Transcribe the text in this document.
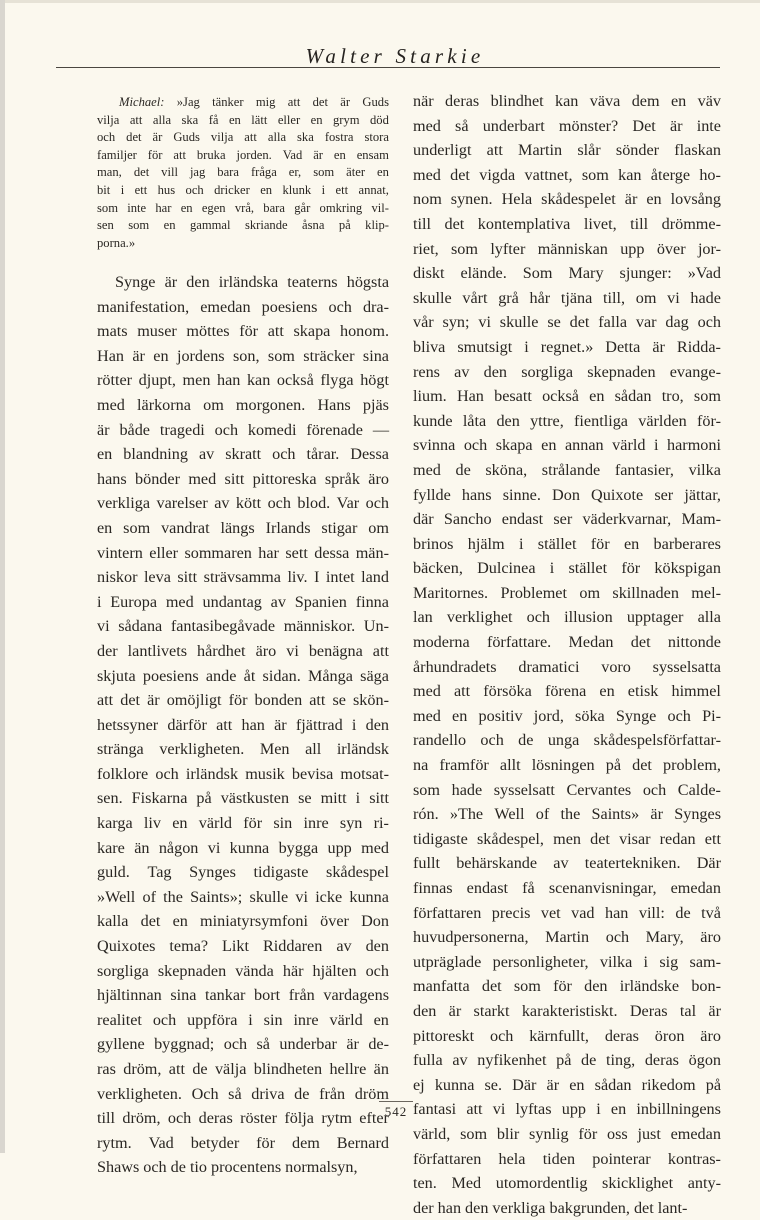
Walter Starkie
Michael: »Jag tänker mig att det är Guds
vilja att alla ska få en lätt eller en grym död
och det är Guds vilja att alla ska fostra stora
familjer för att bruka jorden. Vad är en ensam
man, det vill jag bara fråga er, som äter en
bit i ett hus och dricker en klunk i ett annat,
som inte har en egen vrå, bara går omkring vil-
sen som en gammal skriande åsna på klip-
porna.»
Synge är den irländska teaterns högsta
manifestation, emedan poesiens och dra-
mats muser möttes för att skapa honom.
Han är en jordens son, som sträcker sina
rötter djupt, men han kan också flyga högt
med lärkorna om morgonen. Hans pjäs
är både tragedi och komedi förenade —
en blandning av skratt och tårar. Dessa
hans bönder med sitt pittoreska språk äro
verkliga varelser av kött och blod. Var och
en som vandrat längs Irlands stigar om
vintern eller sommaren har sett dessa män-
niskor leva sitt strävsamma liv. I intet land
i Europa med undantag av Spanien finna
vi sådana fantasibegåvade människor. Un-
der lantlivets hårdhet äro vi benägna att
skjuta poesiens ande åt sidan. Många säga
att det är omöjligt för bonden att se skön-
hetssyner därför att han är fjättrad i den
stränga verkligheten. Men all irländsk
folklore och irländsk musik bevisa motsat-
sen. Fiskarna på västkusten se mitt i sitt
karga liv en värld för sin inre syn ri-
kare än någon vi kunna bygga upp med
guld. Tag Synges tidigaste skådespel
»Well of the Saints»; skulle vi icke kunna
kalla det en miniatyrsymfoni över Don
Quixotes tema? Likt Riddaren av den
sorgliga skepnaden vända här hjälten och
hjältinnan sina tankar bort från vardagens
realitet och uppföra i sin inre värld en
gyllene byggnad; och så underbar är de-
ras dröm, att de välja blindheten hellre än
verkligheten. Och så driva de från dröm
till dröm, och deras röster följa rytm efter
rytm. Vad betyder för dem Bernard
Shaws och de tio procentens normalsyn,
när deras blindhet kan väva dem en väv
med så underbart mönster? Det är inte
underligt att Martin slår sönder flaskan
med det vigda vattnet, som kan återge ho-
nom synen. Hela skådespelet är en lovsång
till det kontemplativa livet, till drömme-
riet, som lyfter människan upp över jor-
diskt elände. Som Mary sjunger: »Vad
skulle vårt grå hår tjäna till, om vi hade
vår syn; vi skulle se det falla var dag och
bliva smutsigt i regnet.» Detta är Ridda-
rens av den sorgliga skepnaden evange-
lium. Han besatt också en sådan tro, som
kunde låta den yttre, fientliga världen för-
svinna och skapa en annan värld i harmoni
med de sköna, strålande fantasier, vilka
fyllde hans sinne. Don Quixote ser jättar,
där Sancho endast ser väderkvarnar, Mam-
brinos hjälm i stället för en barberares
bäcken, Dulcinea i stället för kökspigan
Maritornes. Problemet om skillnaden mel-
lan verklighet och illusion upptager alla
moderna författare. Medan det nittonde
århundradets dramatici voro sysselsatta
med att försöka förena en etisk himmel
med en positiv jord, söka Synge och Pi-
randello och de unga skådespelsförfattar-
na framför allt lösningen på det problem,
som hade sysselsatt Cervantes och Calde-
rón. »The Well of the Saints» är Synges
tidigaste skådespel, men det visar redan ett
fullt behärskande av teatertekniken. Där
finnas endast få scenanvisningar, emedan
författaren precis vet vad han vill: de två
huvudpersonerna, Martin och Mary, äro
utpräglade personligheter, vilka i sig sam-
manfatta det som för den irländske bon-
den är starkt karakteristiskt. Deras tal är
pittoreskt och kärnfullt, deras öron äro
fulla av nyfikenhet på de ting, deras ögon
ej kunna se. Där är en sådan rikedom på
fantasi att vi lyftas upp i en inbillningens
värld, som blir synlig för oss just emedan
författaren hela tiden pointerar kontras-
ten. Med utomordentlig skicklighet anty-
der han den verkliga bakgrunden, det lant-
542
